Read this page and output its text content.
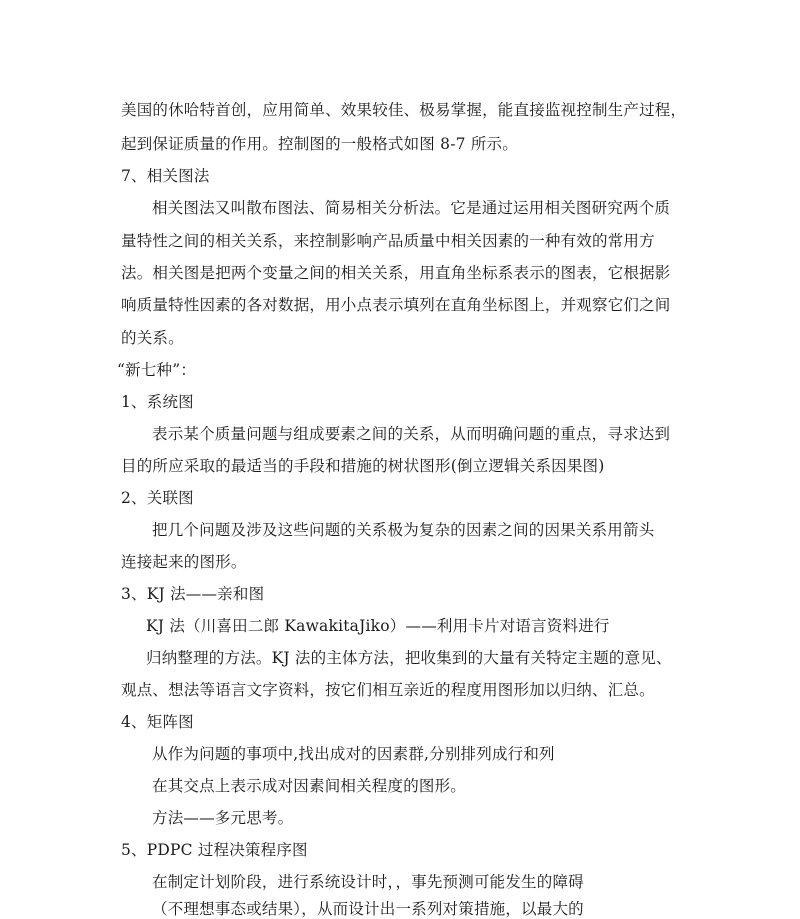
美国的休哈特首创，应用简单、效果较佳、极易掌握，能直接监视控制生产过程，
起到保证质量的作用。控制图的一般格式如图 8-7 所示。
7、相关图法
相关图法又叫散布图法、简易相关分析法。它是通过运用相关图研究两个质
量特性之间的相关关系，来控制影响产品质量中相关因素的一种有效的常用方
法。相关图是把两个变量之间的相关关系，用直角坐标系表示的图表，它根据影
响质量特性因素的各对数据，用小点表示填列在直角坐标图上，并观察它们之间
的关系。
“新七种”：
1、系统图
表示某个质量问题与组成要素之间的关系，从而明确问题的重点，寻求达到
目的所应采取的最适当的手段和措施的树状图形(倒立逻辑关系因果图)
2、关联图
把几个问题及涉及这些问题的关系极为复杂的因素之间的因果关系用箭头
连接起来的图形。
3、KJ 法——亲和图
KJ 法（川喜田二郎 KawakitaJiko）——利用卡片对语言资料进行
归纳整理的方法。KJ 法的主体方法，把收集到的大量有关特定主题的意见、
观点、想法等语言文字资料，按它们相互亲近的程度用图形加以归纳、汇总。
4、矩阵图
从作为问题的事项中,找出成对的因素群,分别排列成行和列
在其交点上表示成对因素间相关程度的图形。
方法——多元思考。
5、PDPC 过程决策程序图
在制定计划阶段，进行系统设计时，，事先预测可能发生的障碍
（不理想事态或结果），从而设计出一系列对策措施，以最大的
